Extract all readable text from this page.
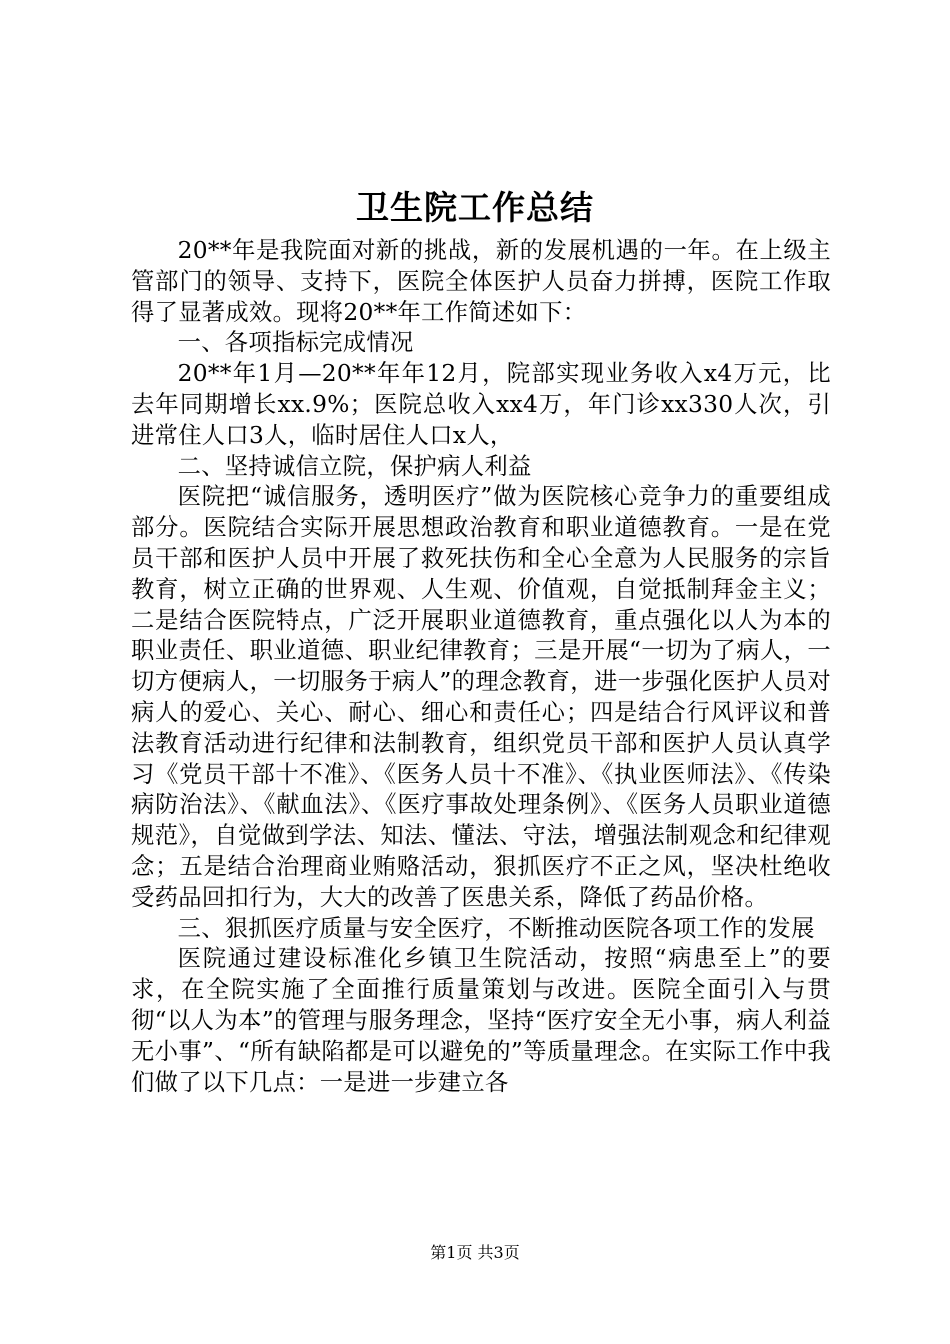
卫生院工作总结

20**年是我院面对新的挑战，新的发展机遇的一年。在上级主管部门的领导、支持下，医院全体医护人员奋力拼搏，医院工作取得了显著成效。现将20**年工作简述如下：

一、各项指标完成情况

20**年1月—20**年年12月，院部实现业务收入x4万元，比去年同期增长xx.9%；医院总收入xx4万，年门诊xx330人次，引进常住人口3人，临时居住人口x人，

二、坚持诚信立院，保护病人利益

医院把“诚信服务，透明医疗”做为医院核心竞争力的重要组成部分。医院结合实际开展思想政治教育和职业道德教育。一是在党员干部和医护人员中开展了救死扶伤和全心全意为人民服务的宗旨教育，树立正确的世界观、人生观、价值观，自觉抵制拜金主义；二是结合医院特点，广泛开展职业道德教育，重点强化以人为本的职业责任、职业道德、职业纪律教育；三是开展“一切为了病人，一切方便病人，一切服务于病人”的理念教育，进一步强化医护人员对病人的爱心、关心、耐心、细心和责任心；四是结合行风评议和普法教育活动进行纪律和法制教育，组织党员干部和医护人员认真学习《党员干部十不准》、《医务人员十不准》、《执业医师法》、《传染病防治法》、《献血法》、《医疗事故处理条例》、《医务人员职业道德规范》，自觉做到学法、知法、懂法、守法，增强法制观念和纪律观念；五是结合治理商业贿赂活动，狠抓医疗不正之风，坚决杜绝收受药品回扣行为，大大的改善了医患关系，降低了药品价格。

三、狠抓医疗质量与安全医疗，不断推动医院各项工作的发展

医院通过建设标准化乡镇卫生院活动，按照“病患至上”的要求，在全院实施了全面推行质量策划与改进。医院全面引入与贯彻“以人为本”的管理与服务理念，坚持“医疗安全无小事，病人利益无小事”、“所有缺陷都是可以避免的”等质量理念。在实际工作中我们做了以下几点：一是进一步建立各

第1页 共3页
